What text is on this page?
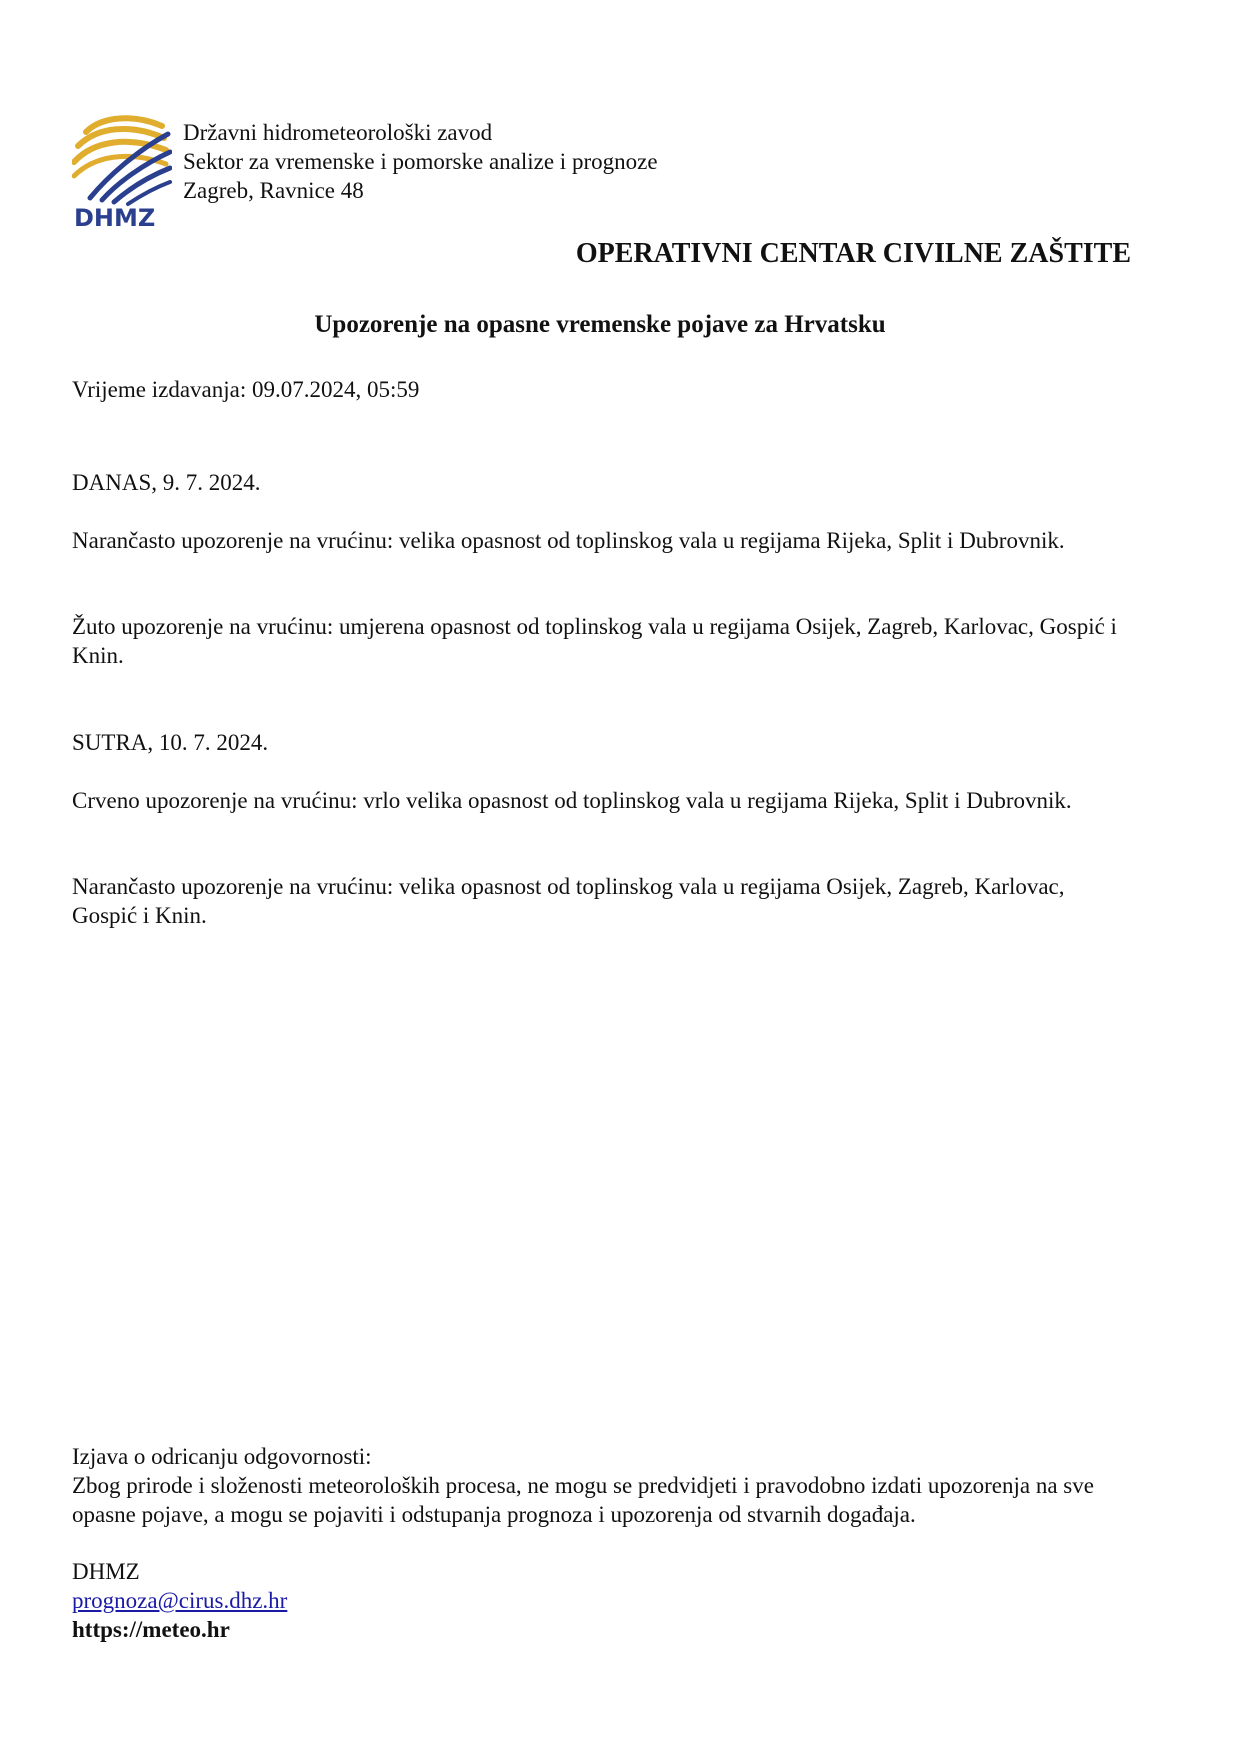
DHMZ
Državni hidrometeorološki zavod
Sektor za vremenske i pomorske analize i prognoze
Zagreb, Ravnice 48
OPERATIVNI CENTAR CIVILNE ZAŠTITE
Upozorenje na opasne vremenske pojave za Hrvatsku
Vrijeme izdavanja: 09.07.2024, 05:59
DANAS, 9. 7. 2024.
Narančasto upozorenje na vrućinu: velika opasnost od toplinskog vala u regijama Rijeka, Split i Dubrovnik.
Žuto upozorenje na vrućinu: umjerena opasnost od toplinskog vala u regijama Osijek, Zagreb, Karlovac, Gospić i Knin.
SUTRA, 10. 7. 2024.
Crveno upozorenje na vrućinu: vrlo velika opasnost od toplinskog vala u regijama Rijeka, Split i Dubrovnik.
Narančasto upozorenje na vrućinu: velika opasnost od toplinskog vala u regijama Osijek, Zagreb, Karlovac, Gospić i Knin.
Izjava o odricanju odgovornosti:
Zbog prirode i složenosti meteoroloških procesa, ne mogu se predvidjeti i pravodobno izdati upozorenja na sve opasne pojave, a mogu se pojaviti i odstupanja prognoza i upozorenja od stvarnih događaja.
DHMZ
prognoza@cirus.dhz.hr
https://meteo.hr
